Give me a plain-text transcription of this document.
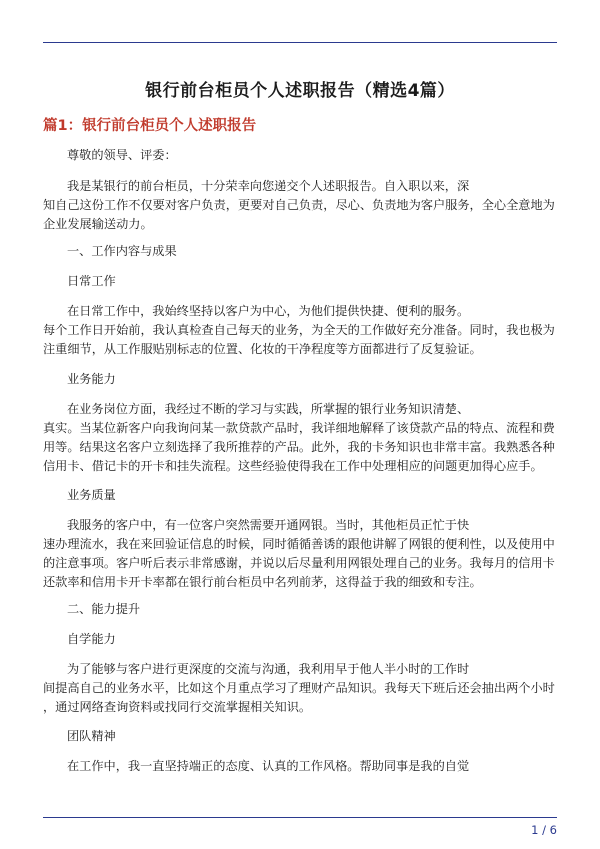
银行前台柜员个人述职报告（精选4篇）
篇1：银行前台柜员个人述职报告
尊敬的领导、评委：
我是某银行的前台柜员，十分荣幸向您递交个人述职报告。自入职以来，深
知自己这份工作不仅要对客户负责，更要对自己负责，尽心、负责地为客户服务，全心全意地为
企业发展输送动力。
一、工作内容与成果
日常工作
在日常工作中，我始终坚持以客户为中心，为他们提供快捷、便利的服务。
每个工作日开始前，我认真检查自己每天的业务，为全天的工作做好充分准备。同时，我也极为
注重细节，从工作服贴别标志的位置、化妆的干净程度等方面都进行了反复验证。
业务能力
在业务岗位方面，我经过不断的学习与实践，所掌握的银行业务知识清楚、
真实。当某位新客户向我询问某一款贷款产品时，我详细地解释了该贷款产品的特点、流程和费
用等。结果这名客户立刻选择了我所推荐的产品。此外，我的卡务知识也非常丰富。我熟悉各种
信用卡、借记卡的开卡和挂失流程。这些经验使得我在工作中处理相应的问题更加得心应手。
业务质量
我服务的客户中，有一位客户突然需要开通网银。当时，其他柜员正忙于快
速办理流水，我在来回验证信息的时候，同时循循善诱的跟他讲解了网银的便利性，以及使用中
的注意事项。客户听后表示非常感谢，并说以后尽量利用网银处理自己的业务。我每月的信用卡
还款率和信用卡开卡率都在银行前台柜员中名列前茅，这得益于我的细致和专注。
二、能力提升
自学能力
为了能够与客户进行更深度的交流与沟通，我利用早于他人半小时的工作时
间提高自己的业务水平，比如这个月重点学习了理财产品知识。我每天下班后还会抽出两个小时
，通过网络查询资料或找同行交流掌握相关知识。
团队精神
在工作中，我一直坚持端正的态度、认真的工作风格。帮助同事是我的自觉
1 / 6
